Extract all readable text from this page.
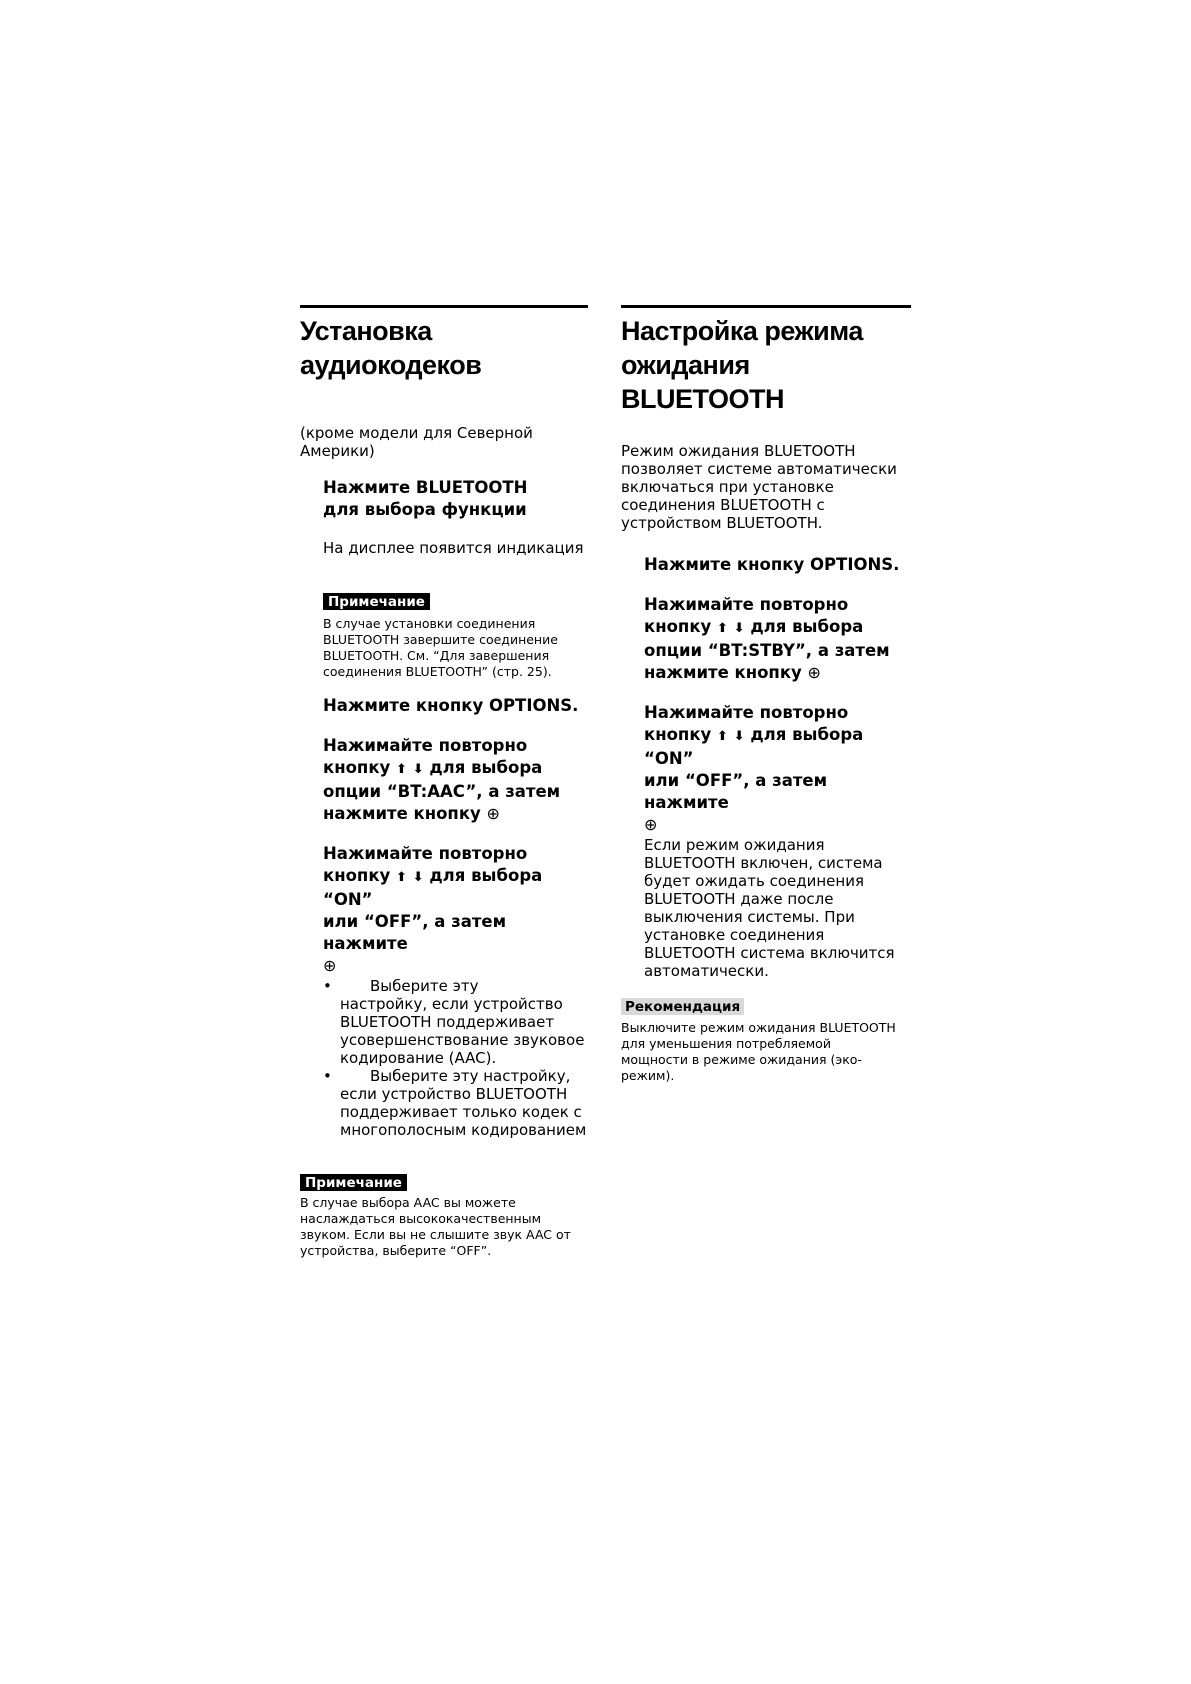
Установка
аудиокодеков
(кроме модели для Северной
Америки)
Нажмите BLUETOOTH
для выбора функции
На дисплее появится индикация
Примечание
В случае установки соединения
BLUETOOTH завершите соединение
BLUETOOTH. См. “Для завершения
соединения BLUETOOTH” (стр. 25).
Нажмите кнопку OPTIONS.
Нажимайте повторно
кнопку ⬆ ⬇ для выбора
опции “BT:AAC”, а затем
нажмите кнопку ⊕
Нажимайте повторно
кнопку ⬆ ⬇ для выбора “ON”
или “OFF”, а затем нажмите
⊕
•	Выберите эту
настройку, если устройство
BLUETOOTH поддерживает
усовершенствование звуковое
кодирование (AAC).
•	Выберите эту настройку,
если устройство BLUETOOTH
поддерживает только кодек с
многополосным кодированием
Примечание
В случае выбора AAC вы можете
наслаждаться высококачественным
звуком. Если вы не слышите звук AAC от
устройства, выберите “OFF”.
Настройка режима
ожидания BLUETOOTH
Режим ожидания BLUETOOTH
позволяет системе автоматически
включаться при установке
соединения BLUETOOTH с
устройством BLUETOOTH.
Нажмите кнопку OPTIONS.
Нажимайте повторно
кнопку ⬆ ⬇ для выбора
опции “BT:STBY”, а затем
нажмите кнопку ⊕
Нажимайте повторно
кнопку ⬆ ⬇ для выбора “ON”
или “OFF”, а затем нажмите
⊕
Если режим ожидания
BLUETOOTH включен, система
будет ожидать соединения
BLUETOOTH даже после
выключения системы. При
установке соединения
BLUETOOTH система включится
автоматически.
Рекомендация
Выключите режим ожидания BLUETOOTH
для уменьшения потребляемой
мощности в режиме ожидания (эко-
режим).
